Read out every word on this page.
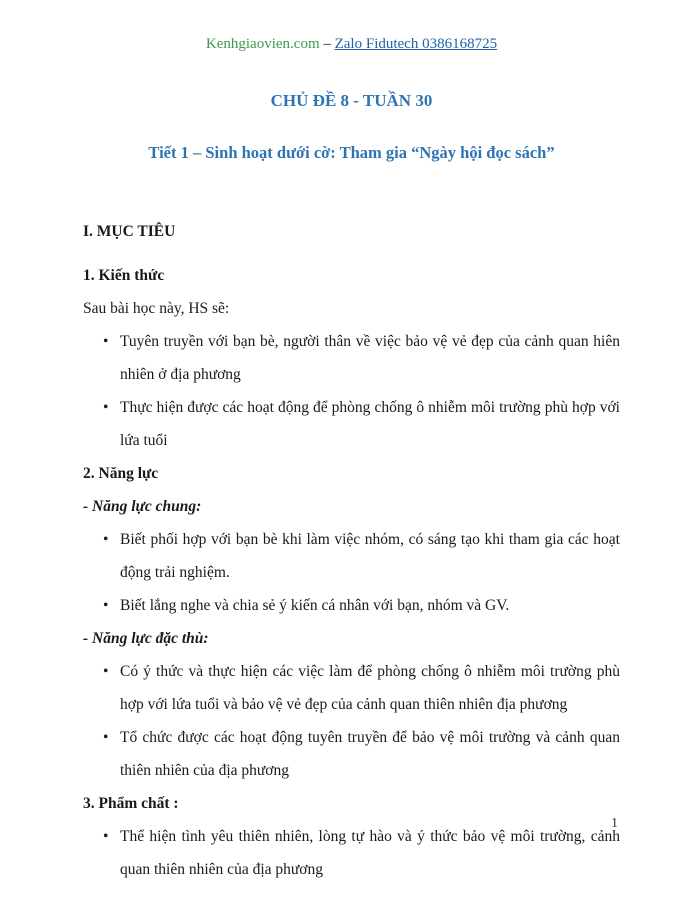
Kenhgiaovien.com – Zalo Fidutech 0386168725
CHỦ ĐỀ 8 - TUẦN 30
Tiết 1 – Sinh hoạt dưới cờ: Tham gia “Ngày hội đọc sách”
I. MỤC TIÊU
1. Kiến thức
Sau bài học này, HS sẽ:
• Tuyên truyền với bạn bè, người thân về việc bảo vệ vẻ đẹp của cảnh quan hiên nhiên ở địa phương
• Thực hiện được các hoạt động để phòng chống ô nhiễm môi trường phù hợp với lứa tuổi
2. Năng lực
- Năng lực chung:
• Biết phối hợp với bạn bè khi làm việc nhóm, có sáng tạo khi tham gia các hoạt động trải nghiệm.
• Biết lắng nghe và chia sẻ ý kiến cá nhân với bạn, nhóm và GV.
- Năng lực đặc thù:
• Có ý thức và thực hiện các việc làm để phòng chống ô nhiễm môi trường phù hợp với lứa tuổi và bảo vệ vẻ đẹp của cảnh quan thiên nhiên địa phương
• Tổ chức được các hoạt động tuyên truyền để bảo vệ môi trường và cảnh quan thiên nhiên của địa phương
3. Phẩm chất :
• Thể hiện tình yêu thiên nhiên, lòng tự hào và ý thức bảo vệ môi trường, cảnh quan thiên nhiên của địa phương
1
